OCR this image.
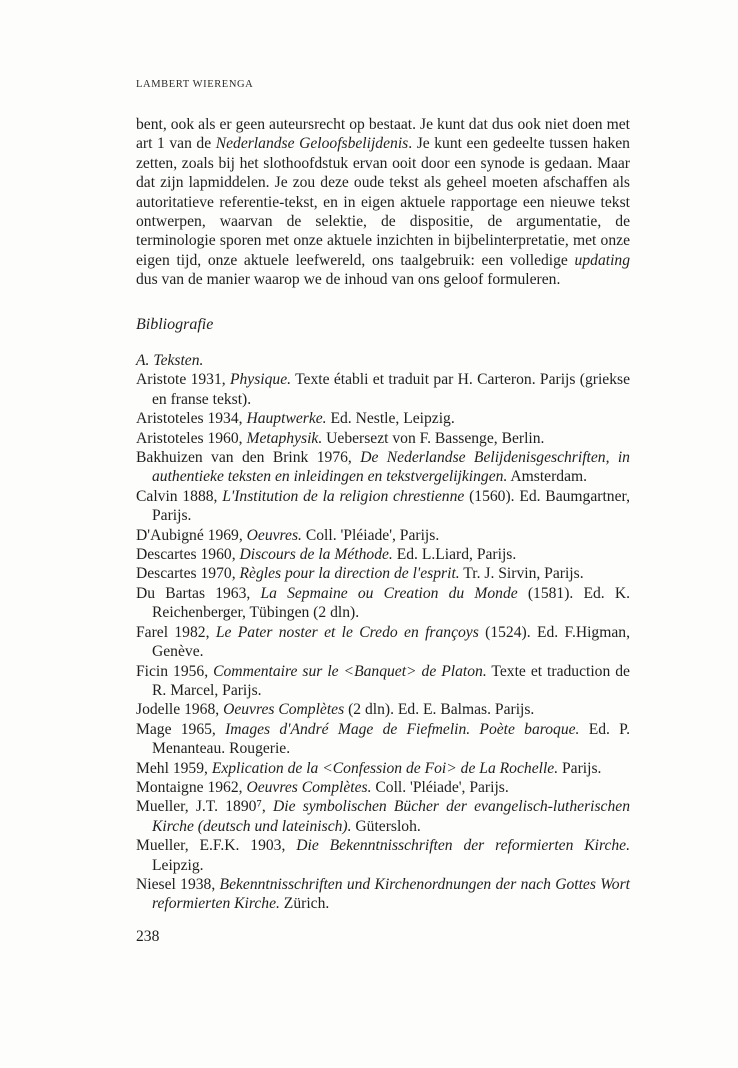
LAMBERT WIERENGA

bent, ook als er geen auteursrecht op bestaat. Je kunt dat dus ook niet doen met art 1 van de Nederlandse Geloofsbelijdenis. Je kunt een gedeelte tussen haken zetten, zoals bij het slothoofdstuk ervan ooit door een synode is gedaan. Maar dat zijn lapmiddelen. Je zou deze oude tekst als geheel moeten afschaffen als autoritatieve referentie-tekst, en in eigen aktuele rapportage een nieuwe tekst ontwerpen, waarvan de selektie, de dispositie, de argumentatie, de terminologie sporen met onze aktuele inzichten in bijbelinterpretatie, met onze eigen tijd, onze aktuele leefwereld, ons taalgebruik: een volledige updating dus van de manier waarop we de inhoud van ons geloof formuleren.

Bibliografie

A. Teksten.

Aristote 1931, Physique. Texte établi et traduit par H. Carteron. Parijs (griekse en franse tekst).

Aristoteles 1934, Hauptwerke. Ed. Nestle, Leipzig.

Aristoteles 1960, Metaphysik. Uebersezt von F. Bassenge, Berlin.

Bakhuizen van den Brink 1976, De Nederlandse Belijdenisgeschriften, in authentieke teksten en inleidingen en tekstvergelijkingen. Amsterdam.

Calvin 1888, L'Institution de la religion chrestienne (1560). Ed. Baumgartner, Parijs.

D'Aubigné 1969, Oeuvres. Coll. 'Pléiade', Parijs.

Descartes 1960, Discours de la Méthode. Ed. L.Liard, Parijs.

Descartes 1970, Règles pour la direction de l'esprit. Tr. J. Sirvin, Parijs.

Du Bartas 1963, La Sepmaine ou Creation du Monde (1581). Ed. K. Reichenberger, Tübingen (2 dln).

Farel 1982, Le Pater noster et le Credo en françoys (1524). Ed. F.Higman, Genève.

Ficin 1956, Commentaire sur le <Banquet> de Platon. Texte et traduction de R. Marcel, Parijs.

Jodelle 1968, Oeuvres Complètes (2 dln). Ed. E. Balmas. Parijs.

Mage 1965, Images d'André Mage de Fiefmelin. Poète baroque. Ed. P. Menanteau. Rougerie.

Mehl 1959, Explication de la <Confession de Foi> de La Rochelle. Parijs.

Montaigne 1962, Oeuvres Complètes. Coll. 'Pléiade', Parijs.

Mueller, J.T. 1890⁷, Die symbolischen Bücher der evangelisch-lutherischen Kirche (deutsch und lateinisch). Gütersloh.

Mueller, E.F.K. 1903, Die Bekenntnisschriften der reformierten Kirche. Leipzig.

Niesel 1938, Bekenntnisschriften und Kirchenordnungen der nach Gottes Wort reformierten Kirche. Zürich.

238
